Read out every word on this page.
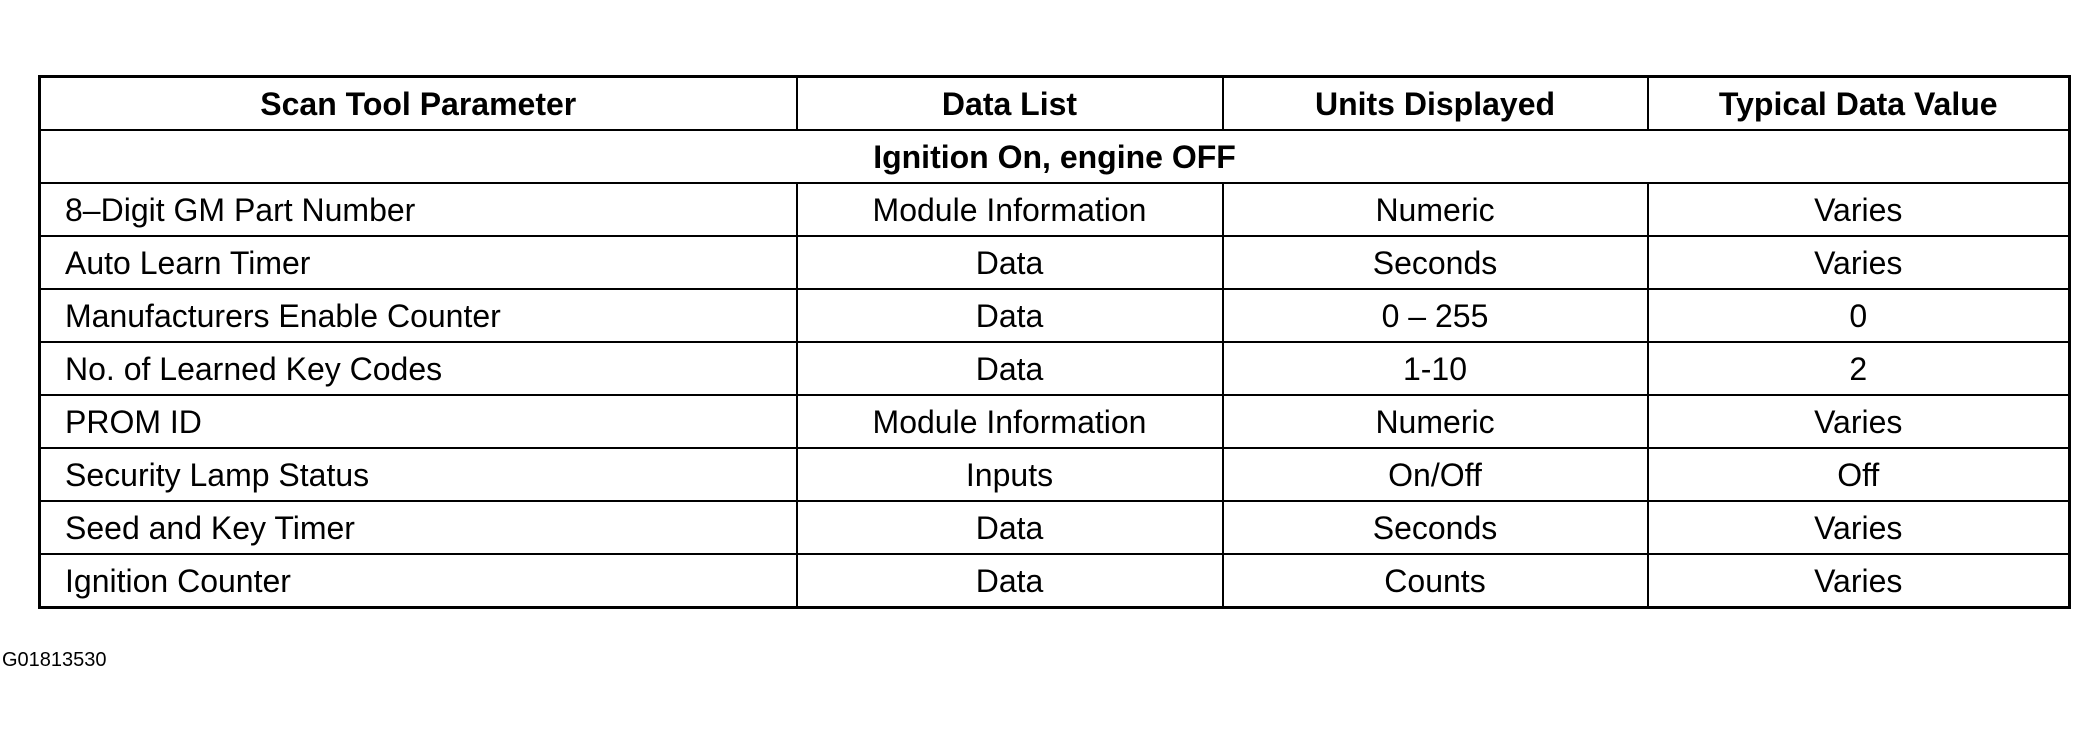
Scan Tool Parameter	Data List	Units Displayed	Typical Data Value
Ignition On, engine OFF			
8–Digit GM Part Number	Module Information	Numeric	Varies
Auto Learn Timer	Data	Seconds	Varies
Manufacturers Enable Counter	Data	0 – 255	0
No. of Learned Key Codes	Data	1-10	2
PROM ID	Module Information	Numeric	Varies
Security Lamp Status	Inputs	On/Off	Off
Seed and Key Timer	Data	Seconds	Varies
Ignition Counter	Data	Counts	Varies
G01813530
